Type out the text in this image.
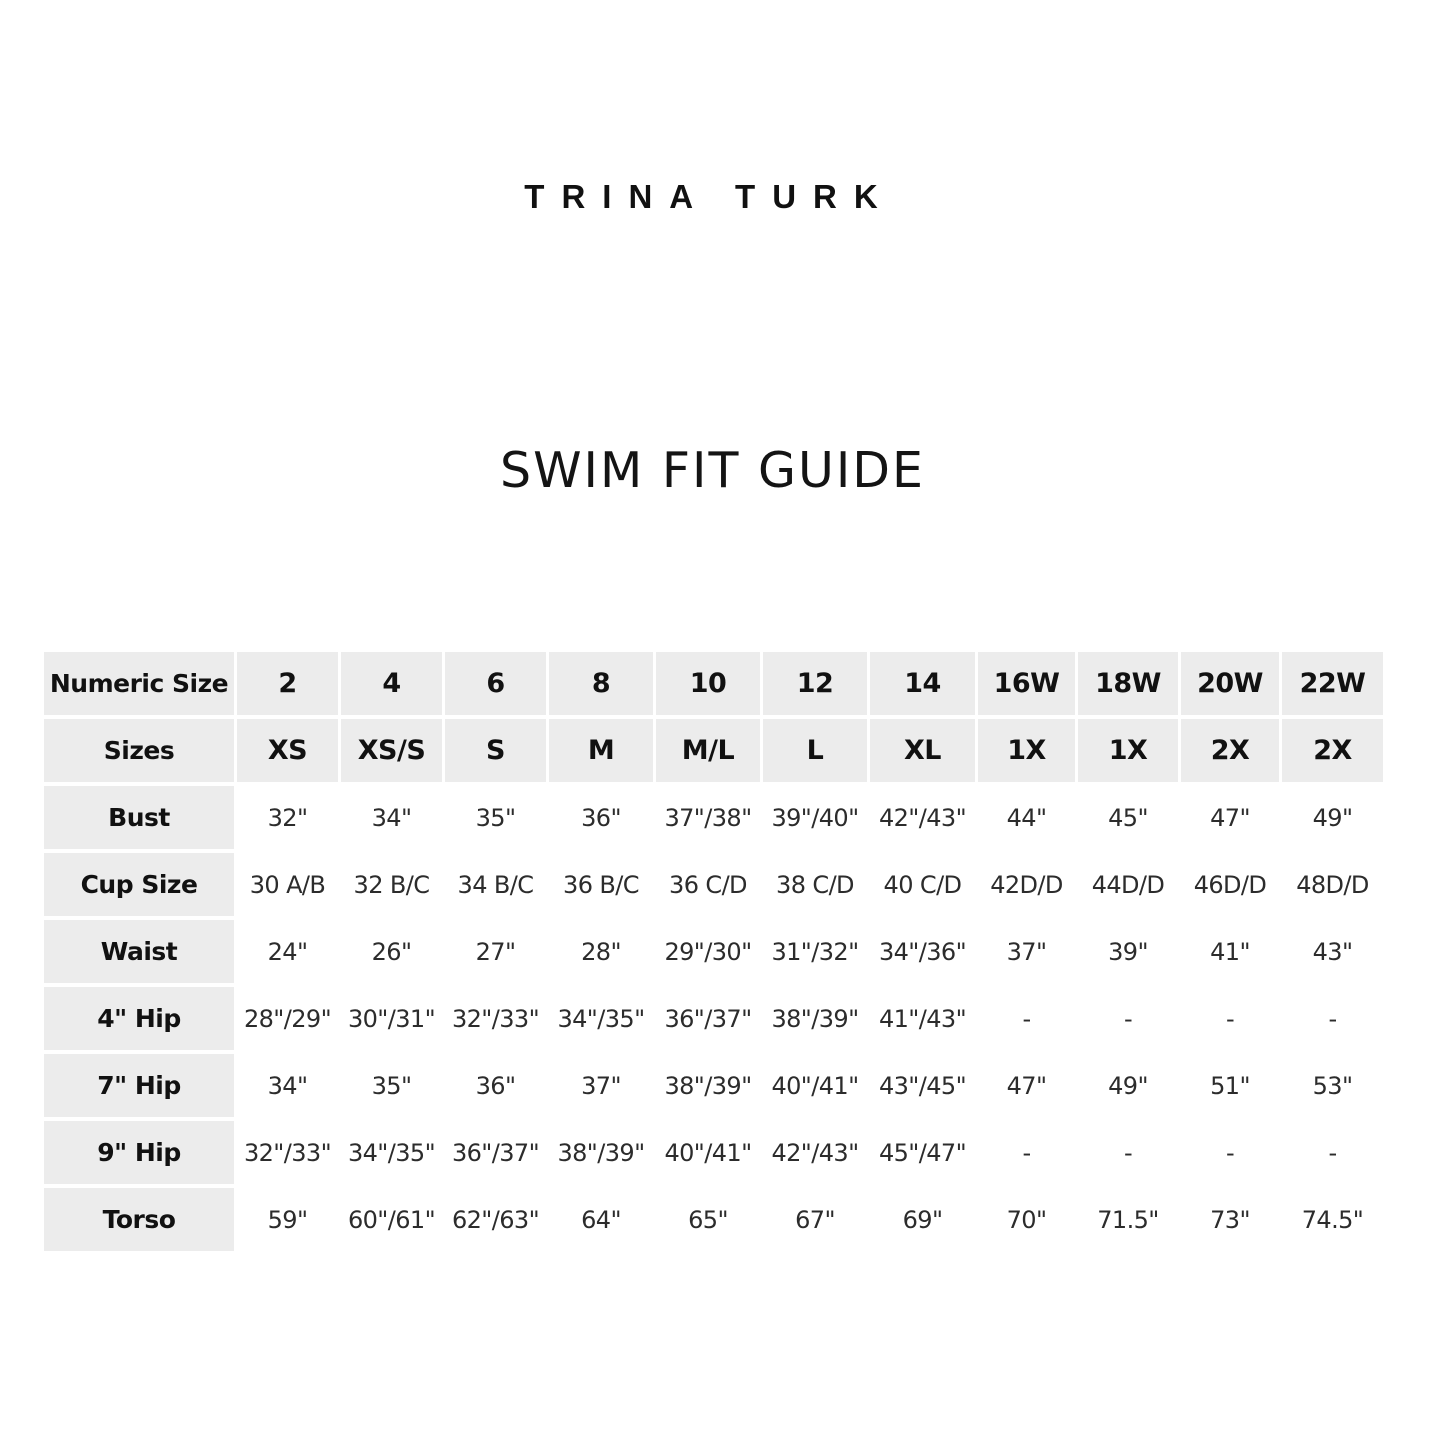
TRINA TURK
SWIM FIT GUIDE
Numeric Size	2	4	6	8	10	12	14	16W	18W	20W	22W
Sizes	XS	XS/S	S	M	M/L	L	XL	1X	1X	2X	2X
Bust	32"	34"	35"	36"	37"/38"	39"/40"	42"/43"	44"	45"	47"	49"
Cup Size	30 A/B	32 B/C	34 B/C	36 B/C	36 C/D	38 C/D	40 C/D	42D/D	44D/D	46D/D	48D/D
Waist	24"	26"	27"	28"	29"/30"	31"/32"	34"/36"	37"	39"	41"	43"
4" Hip	28"/29"	30"/31"	32"/33"	34"/35"	36"/37"	38"/39"	41"/43"	-	-	-	-
7" Hip	34"	35"	36"	37"	38"/39"	40"/41"	43"/45"	47"	49"	51"	53"
9" Hip	32"/33"	34"/35"	36"/37"	38"/39"	40"/41"	42"/43"	45"/47"	-	-	-	-
Torso	59"	60"/61"	62"/63"	64"	65"	67"	69"	70"	71.5"	73"	74.5"
